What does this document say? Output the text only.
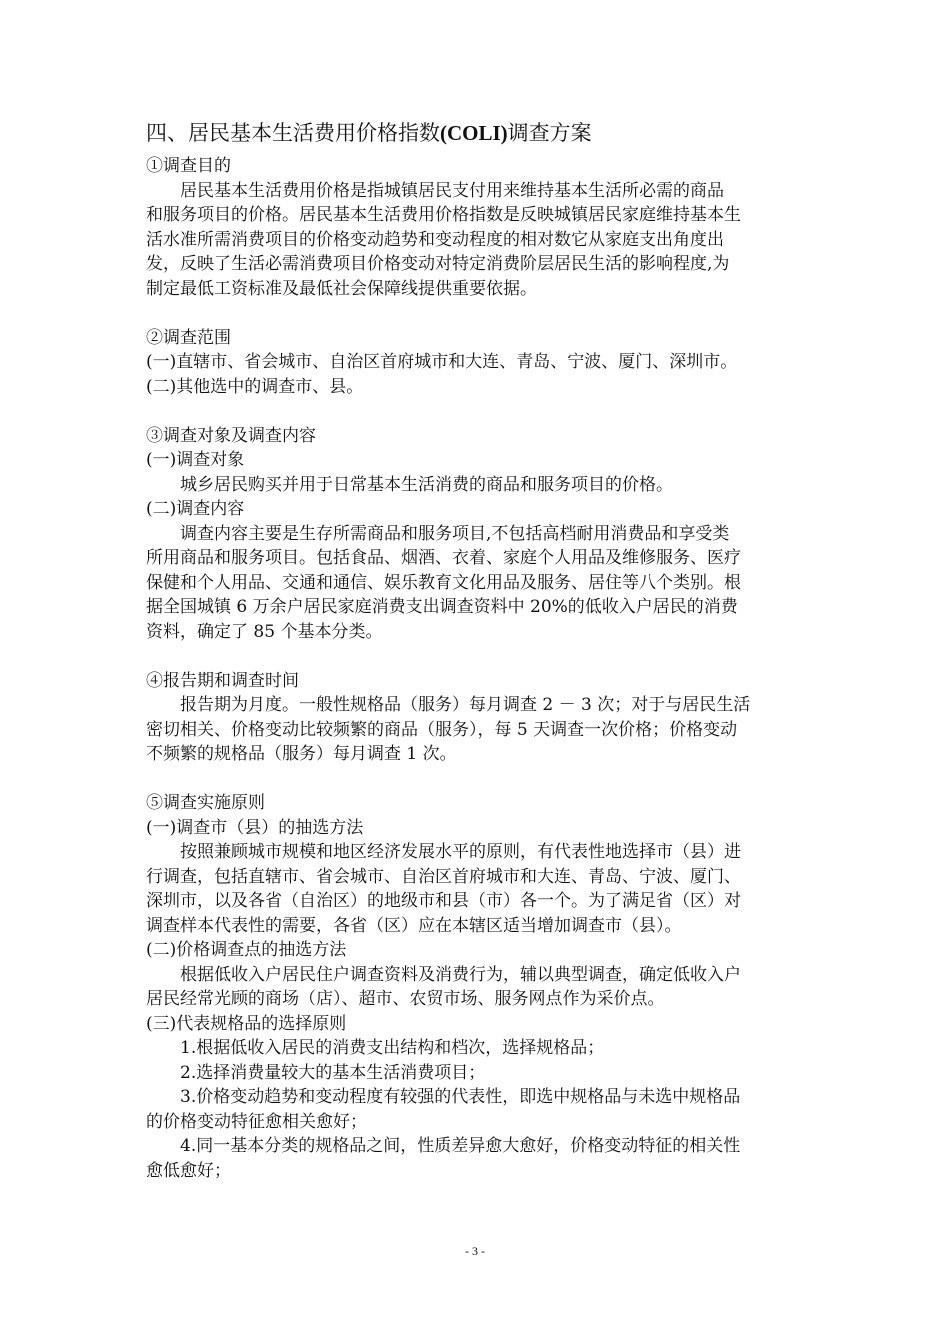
四、居民基本生活费用价格指数(COLI)调查方案

①调查目的

居民基本生活费用价格是指城镇居民支付用来维持基本生活所必需的商品

和服务项目的价格。居民基本生活费用价格指数是反映城镇居民家庭维持基本生

活水准所需消费项目的价格变动趋势和变动程度的相对数它从家庭支出角度出

发，反映了生活必需消费项目价格变动对特定消费阶层居民生活的影响程度,为

制定最低工资标准及最低社会保障线提供重要依据。

②调查范围

(一)直辖市、省会城市、自治区首府城市和大连、青岛、宁波、厦门、深圳市。

(二)其他选中的调查市、县。

③调查对象及调查内容

(一)调查对象

城乡居民购买并用于日常基本生活消费的商品和服务项目的价格。

(二)调查内容

调查内容主要是生存所需商品和服务项目,不包括高档耐用消费品和享受类

所用商品和服务项目。包括食品、烟酒、衣着、家庭个人用品及维修服务、医疗

保健和个人用品、交通和通信、娱乐教育文化用品及服务、居住等八个类别。根

据全国城镇 6 万余户居民家庭消费支出调查资料中 20%的低收入户居民的消费

资料，确定了 85 个基本分类。

④报告期和调查时间

报告期为月度。一般性规格品（服务）每月调查 2 － 3 次；对于与居民生活

密切相关、价格变动比较频繁的商品（服务），每 5 天调查一次价格；价格变动

不频繁的规格品（服务）每月调查 1 次。

⑤调查实施原则

(一)调查市（县）的抽选方法

按照兼顾城市规模和地区经济发展水平的原则，有代表性地选择市（县）进

行调查，包括直辖市、省会城市、自治区首府城市和大连、青岛、宁波、厦门、

深圳市，以及各省（自治区）的地级市和县（市）各一个。为了满足省（区）对

调查样本代表性的需要，各省（区）应在本辖区适当增加调查市（县）。

(二)价格调查点的抽选方法

根据低收入户居民住户调查资料及消费行为，辅以典型调查，确定低收入户

居民经常光顾的商场（店）、超市、农贸市场、服务网点作为采价点。

(三)代表规格品的选择原则

1.根据低收入居民的消费支出结构和档次，选择规格品；

2.选择消费量较大的基本生活消费项目；

3.价格变动趋势和变动程度有较强的代表性，即选中规格品与未选中规格品

的价格变动特征愈相关愈好；

4.同一基本分类的规格品之间，性质差异愈大愈好，价格变动特征的相关性

愈低愈好；

- 3 -
